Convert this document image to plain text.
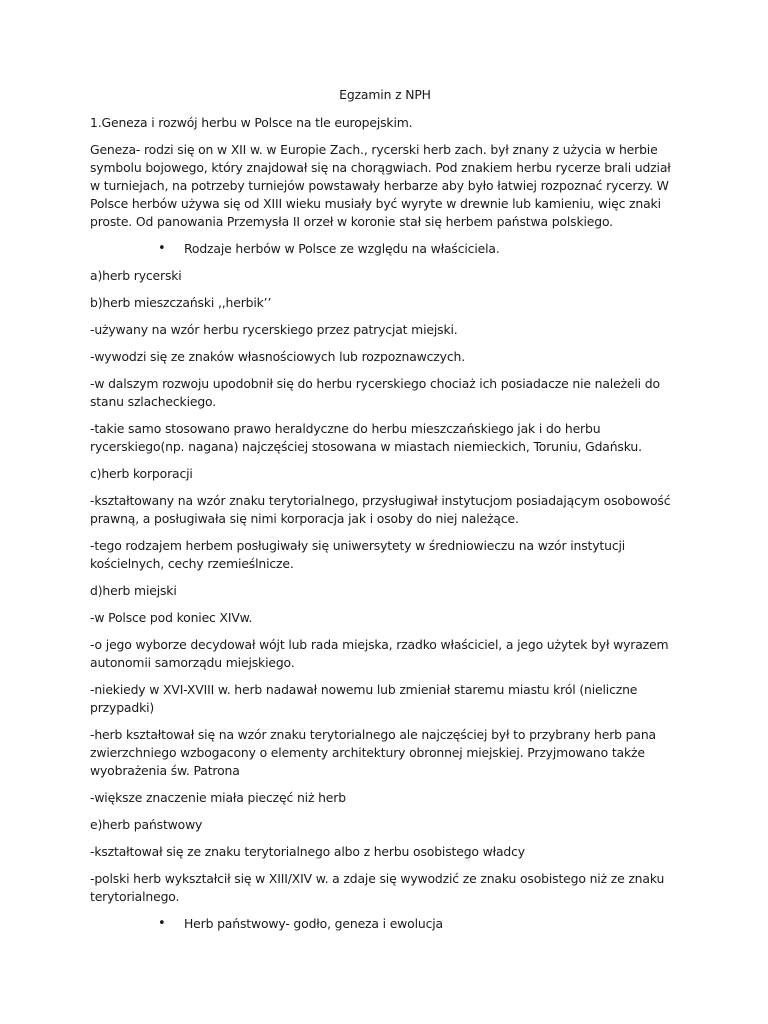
Egzamin z NPH
1.Geneza i rozwój herbu w Polsce na tle europejskim.
Geneza- rodzi się on w XII w. w Europie Zach., rycerski herb zach. był znany z użycia w herbie symbolu bojowego, który znajdował się na chorągwiach. Pod znakiem herbu rycerze brali udział w turniejach, na potrzeby turniejów powstawały herbarze aby było łatwiej rozpoznać rycerzy. W Polsce herbów używa się od XIII wieku musiały być wyryte w drewnie lub kamieniu, więc znaki proste. Od panowania Przemysła II orzeł w koronie stał się herbem państwa polskiego.
• Rodzaje herbów w Polsce ze względu na właściciela.
a)herb rycerski
b)herb mieszczański ,,herbik’’
-używany na wzór herbu rycerskiego przez patrycjat miejski.
-wywodzi się ze znaków własnościowych lub rozpoznawczych.
-w dalszym rozwoju upodobnił się do herbu rycerskiego chociaż ich posiadacze nie należeli do stanu szlacheckiego.
-takie samo stosowano prawo heraldyczne do herbu mieszczańskiego jak i do herbu rycerskiego(np. nagana) najczęściej stosowana w miastach niemieckich, Toruniu, Gdańsku.
c)herb korporacji
-kształtowany na wzór znaku terytorialnego, przysługiwał instytucjom posiadającym osobowość prawną, a posługiwała się nimi korporacja jak i osoby do niej należące.
-tego rodzajem herbem posługiwały się uniwersytety w średniowieczu na wzór instytucji kościelnych, cechy rzemieślnicze.
d)herb miejski
-w Polsce pod koniec XIVw.
-o jego wyborze decydował wójt lub rada miejska, rzadko właściciel, a jego użytek był wyrazem autonomii samorządu miejskiego.
-niekiedy w XVI-XVIII w. herb nadawał nowemu lub zmieniał staremu miastu król (nieliczne przypadki)
-herb kształtował się na wzór znaku terytorialnego ale najczęściej był to przybrany herb pana zwierzchniego wzbogacony o elementy architektury obronnej miejskiej. Przyjmowano także wyobrażenia św. Patrona
-większe znaczenie miała pieczęć niż herb
e)herb państwowy
-kształtował się ze znaku terytorialnego albo z herbu osobistego władcy
-polski herb wykształcił się w XIII/XIV w. a zdaje się wywodzić ze znaku osobistego niż ze znaku terytorialnego.
• Herb państwowy- godło, geneza i ewolucja
